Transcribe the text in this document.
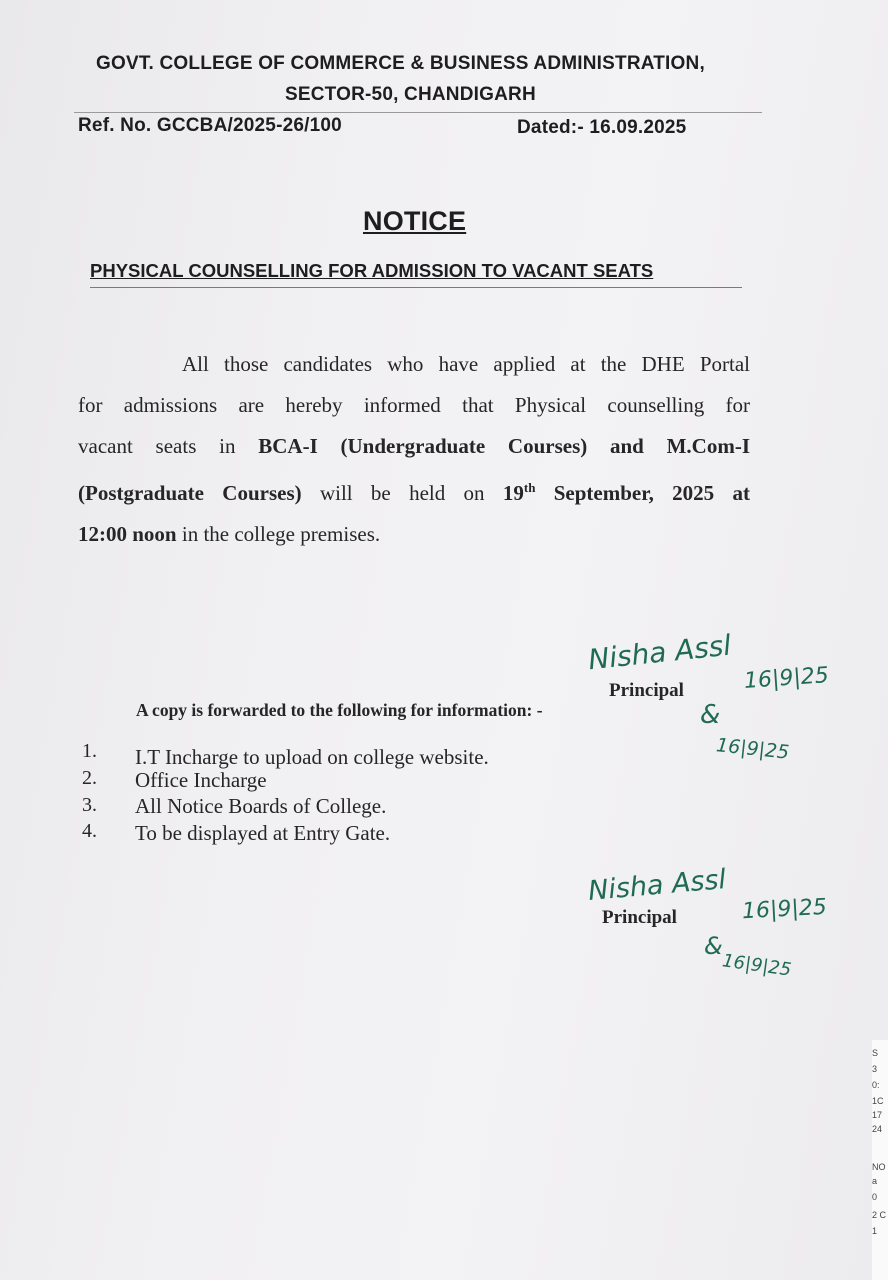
GOVT. COLLEGE OF COMMERCE & BUSINESS ADMINISTRATION,
SECTOR-50, CHANDIGARH
Ref. No. GCCBA/2025-26/100	Dated:- 16.09.2025
NOTICE
PHYSICAL COUNSELLING FOR ADMISSION TO VACANT SEATS
All those candidates who have applied at the DHE Portal
for admissions are hereby informed that Physical counselling for
vacant seats in BCA-I (Undergraduate Courses) and M.Com-I
(Postgraduate Courses) will be held on 19th September, 2025 at
12:00 noon in the college premises.
Nisha Assl
16|9|25
Principal
&
16|9|25
A copy is forwarded to the following for information: -
1. I.T Incharge to upload on college website.
2. Office Incharge
3. All Notice Boards of College.
4. To be displayed at Entry Gate.
Nisha Assl
16|9|25
Principal
&
16|9|25
S
3
0:
1C
17
24
NO
a
0
2 C
1
